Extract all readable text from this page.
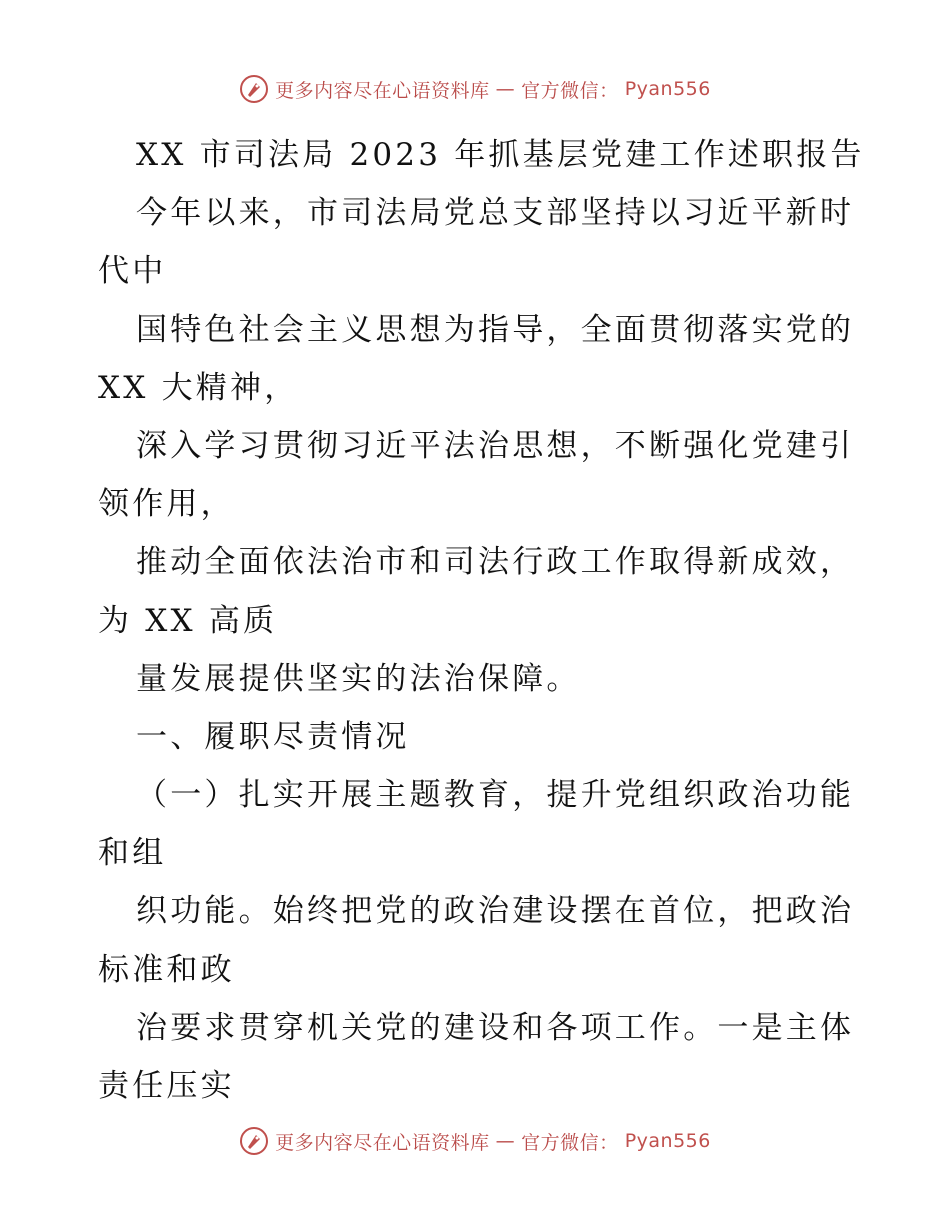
更多内容尽在心语资料库 — 官方微信： Pyan556
XX 市司法局 2023 年抓基层党建工作述职报告
今年以来，市司法局党总支部坚持以习近平新时
代中
国特色社会主义思想为指导，全面贯彻落实党的
XX 大精神，
深入学习贯彻习近平法治思想，不断强化党建引
领作用，
推动全面依法治市和司法行政工作取得新成效，
为 XX 高质
量发展提供坚实的法治保障。
一、履职尽责情况
（一）扎实开展主题教育，提升党组织政治功能
和组
织功能。始终把党的政治建设摆在首位，把政治
标准和政
治要求贯穿机关党的建设和各项工作。一是主体
责任压实
更多内容尽在心语资料库 — 官方微信： Pyan556
